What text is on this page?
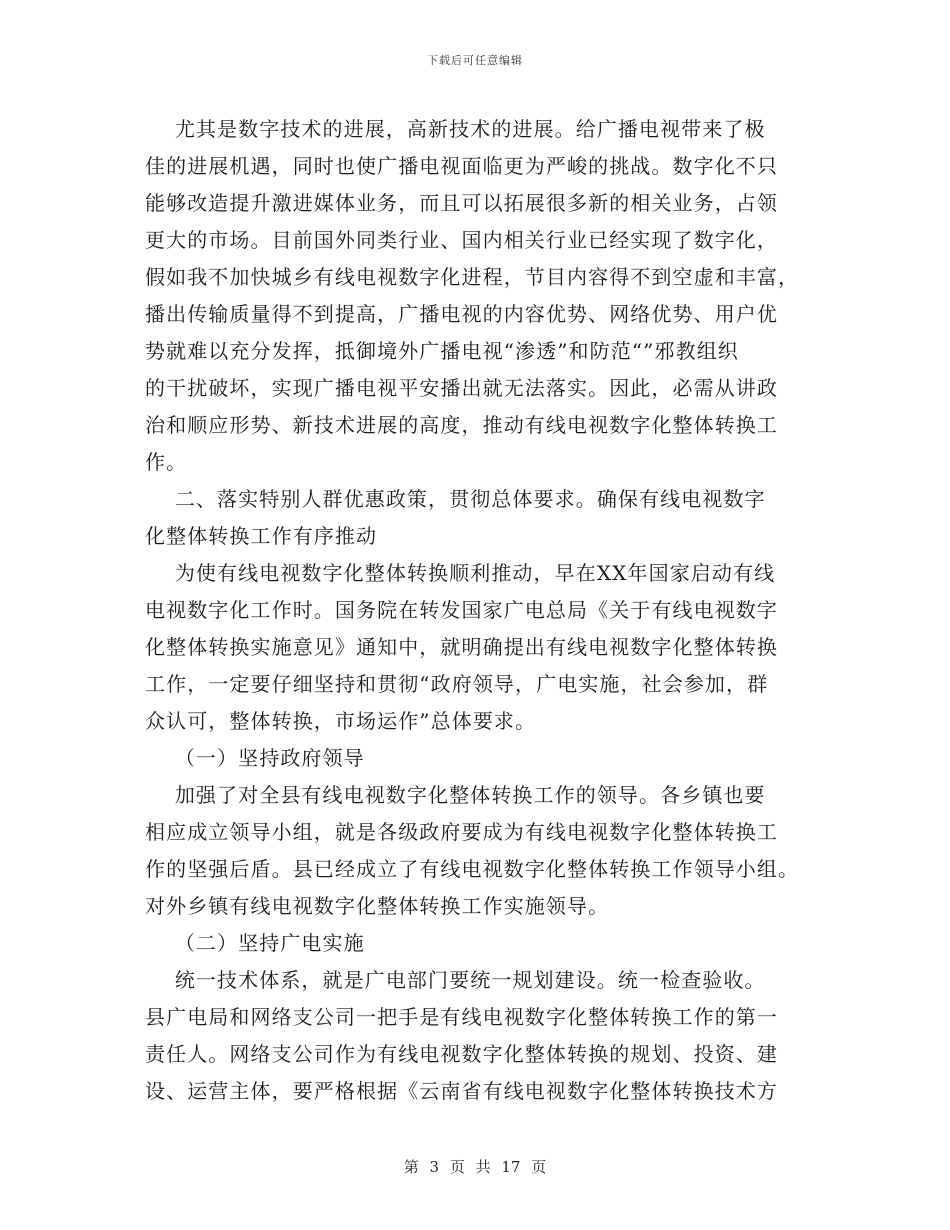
下载后可任意编辑
尤其是数字技术的进展，高新技术的进展。给广播电视带来了极
佳的进展机遇，同时也使广播电视面临更为严峻的挑战。数字化不只
能够改造提升激进媒体业务，而且可以拓展很多新的相关业务，占领
更大的市场。目前国外同类行业、国内相关行业已经实现了数字化，
假如我不加快城乡有线电视数字化进程，节目内容得不到空虚和丰富，
播出传输质量得不到提高，广播电视的内容优势、网络优势、用户优
势就难以充分发挥，抵御境外广播电视“渗透”和防范“”邪教组织
的干扰破坏，实现广播电视平安播出就无法落实。因此，必需从讲政
治和顺应形势、新技术进展的高度，推动有线电视数字化整体转换工
作。
二、落实特别人群优惠政策，贯彻总体要求。确保有线电视数字
化整体转换工作有序推动
为使有线电视数字化整体转换顺利推动，早在XX年国家启动有线
电视数字化工作时。国务院在转发国家广电总局《关于有线电视数字
化整体转换实施意见》通知中，就明确提出有线电视数字化整体转换
工作，一定要仔细坚持和贯彻“政府领导，广电实施，社会参加，群
众认可，整体转换，市场运作”总体要求。
（一）坚持政府领导
加强了对全县有线电视数字化整体转换工作的领导。各乡镇也要
相应成立领导小组，就是各级政府要成为有线电视数字化整体转换工
作的坚强后盾。县已经成立了有线电视数字化整体转换工作领导小组。
对外乡镇有线电视数字化整体转换工作实施领导。
（二）坚持广电实施
统一技术体系，就是广电部门要统一规划建设。统一检查验收。
县广电局和网络支公司一把手是有线电视数字化整体转换工作的第一
责任人。网络支公司作为有线电视数字化整体转换的规划、投资、建
设、运营主体，要严格根据《云南省有线电视数字化整体转换技术方
第 3 页 共 17 页
